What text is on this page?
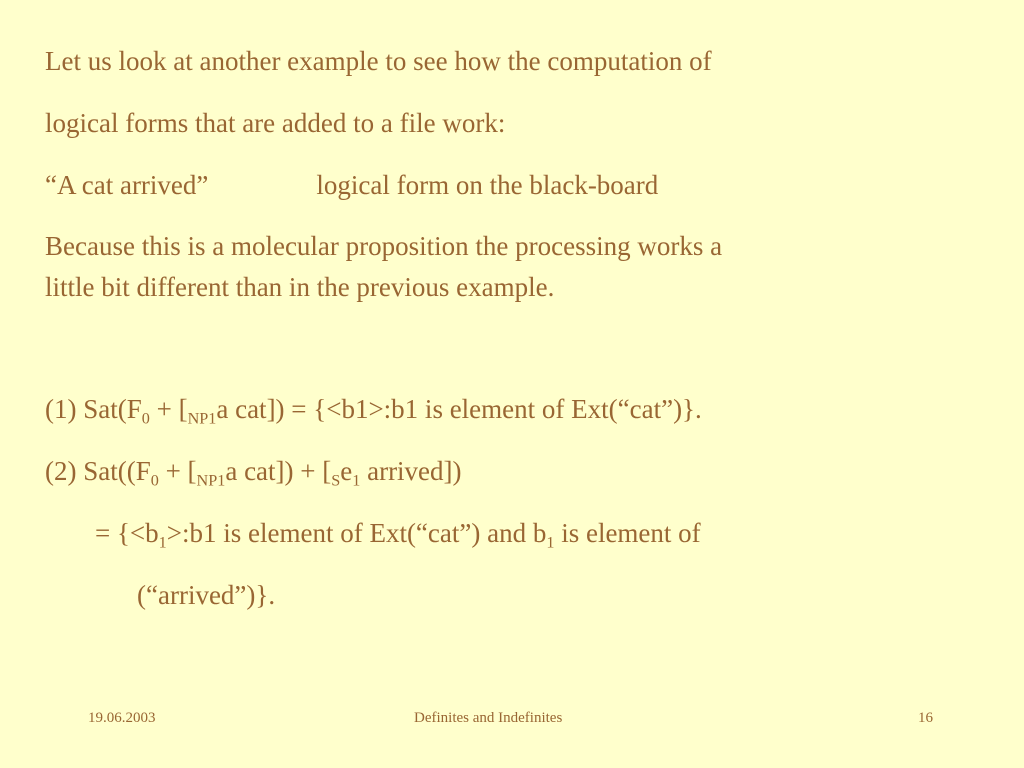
Let us look at another example to see how the computation of
logical forms that are added to a file work:
“A cat arrived”	logical form on the black-board
Because this is a molecular proposition the processing works a
little bit different than in the previous example.
(1) $Sat(F_0 + [_{NP1}a$ cat]) = {<b1>:b1 is element of Ext(“cat”)}.
(2) $Sat((F_0 + [_{NP1}a$ $cat]) + [_Se_1$ arrived])
= {$<b_1>:b1$ is element of Ext(“cat”) and $b_1$ is element of
(“arrived”)}.
19.06.2003	Definites and Indefinites	16
